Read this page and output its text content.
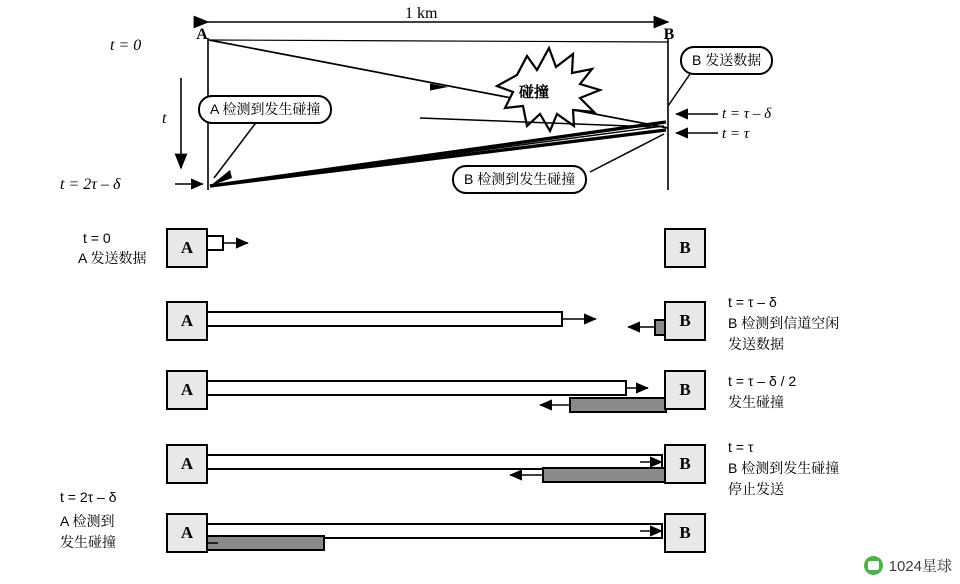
1 km
A	B
t = 0
t
t = 2τ – δ
t = τ – δ
t = τ
碰撞
A 检测到发生碰撞
B 发送数据
B 检测到发生碰撞
t = 0
A 发送数据
A	B
A	B
t = τ – δ
B 检测到信道空闲
发送数据
A	B	t = τ – δ / 2
发生碰撞
A	B
t = τ
B 检测到发生碰撞
停止发送
A	B
t = 2τ – δ
A 检测到
发生碰撞
1024星球
